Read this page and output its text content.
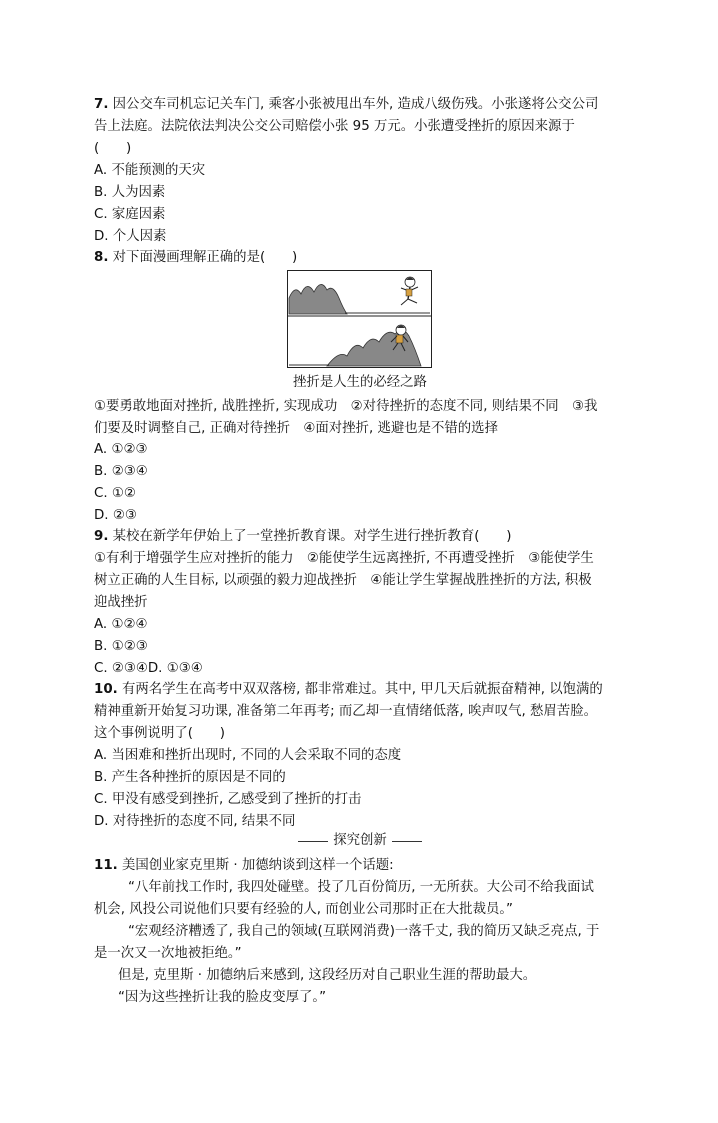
7. 因公交车司机忘记关车门, 乘客小张被甩出车外, 造成八级伤残。小张遂将公交公司
告上法庭。法院依法判决公交公司赔偿小张 95 万元。小张遭受挫折的原因来源于
(　　)
A. 不能预测的天灾
B. 人为因素
C. 家庭因素
D. 个人因素
8. 对下面漫画理解正确的是(　　)
挫折是人生的必经之路
①要勇敢地面对挫折, 战胜挫折, 实现成功　②对待挫折的态度不同, 则结果不同　③我
们要及时调整自己, 正确对待挫折　④面对挫折, 逃避也是不错的选择
A. ①②③
B. ②③④
C. ①②
D. ②③
9. 某校在新学年伊始上了一堂挫折教育课。对学生进行挫折教育(　　)
①有利于增强学生应对挫折的能力　②能使学生远离挫折, 不再遭受挫折　③能使学生
树立正确的人生目标, 以顽强的毅力迎战挫折　④能让学生掌握战胜挫折的方法, 积极
迎战挫折
A. ①②④
B. ①②③
C. ②③④D. ①③④
10. 有两名学生在高考中双双落榜, 都非常难过。其中, 甲几天后就振奋精神, 以饱满的
精神重新开始复习功课, 准备第二年再考; 而乙却一直情绪低落, 唉声叹气, 愁眉苦脸。
这个事例说明了(　　)
A. 当困难和挫折出现时, 不同的人会采取不同的态度
B. 产生各种挫折的原因是不同的
C. 甲没有感受到挫折, 乙感受到了挫折的打击
D. 对待挫折的态度不同, 结果不同
探究创新
11. 美国创业家克里斯 · 加德纳谈到这样一个话题:
“八年前找工作时, 我四处碰壁。投了几百份简历, 一无所获。大公司不给我面试
机会, 风投公司说他们只要有经验的人, 而创业公司那时正在大批裁员。”
“宏观经济糟透了, 我自己的领域(互联网消费)一落千丈, 我的简历又缺乏亮点, 于
是一次又一次地被拒绝。”
但是, 克里斯 · 加德纳后来感到, 这段经历对自己职业生涯的帮助最大。
“因为这些挫折让我的脸皮变厚了。”
